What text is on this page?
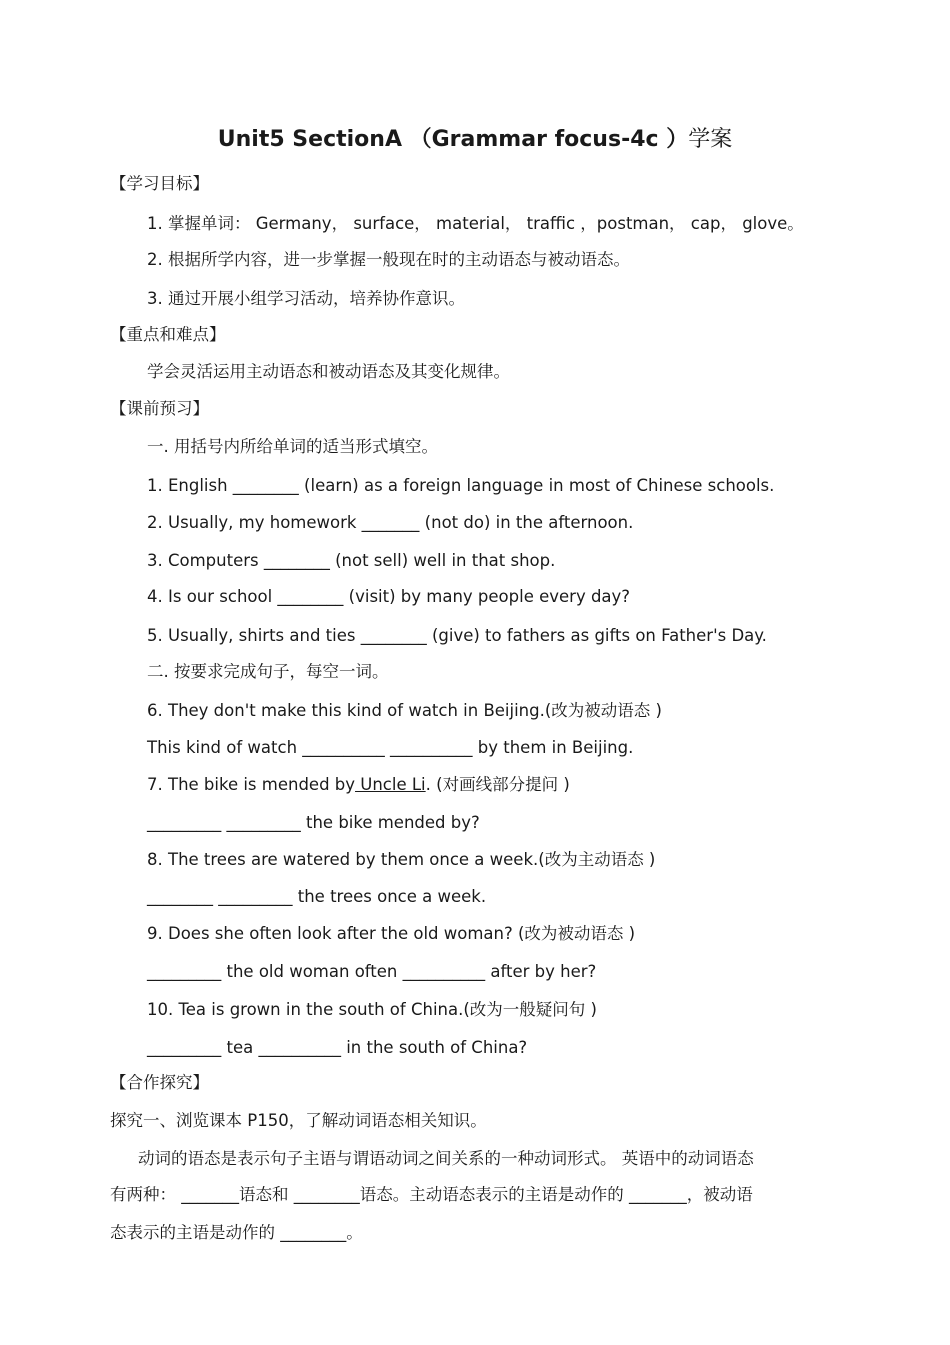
Unit5 SectionA （Grammar focus-4c ）学案
【学习目标】
1. 掌握单词： Germany， surface， material， traffic ，postman， cap， glove。
2. 根据所学内容，进一步掌握一般现在时的主动语态与被动语态。
3. 通过开展小组学习活动，培养协作意识。
【重点和难点】
学会灵活运用主动语态和被动语态及其变化规律。
【课前预习】
一. 用括号内所给单词的适当形式填空。
1. English ________ (learn) as a foreign language in most of Chinese schools.
2. Usually, my homework _______ (not do) in the afternoon.
3. Computers ________ (not sell) well in that shop.
4. Is our school ________ (visit) by many people every day?
5. Usually, shirts and ties ________ (give) to fathers as gifts on Father's Day.
二. 按要求完成句子，每空一词。
6. They don't make this kind of watch in Beijing.(改为被动语态 )
This kind of watch __________ __________ by them in Beijing.
7. The bike is mended by Uncle Li. (对画线部分提问 )
_________ _________ the bike mended by?
8. The trees are watered by them once a week.(改为主动语态 )
________ _________ the trees once a week.
9. Does she often look after the old woman? (改为被动语态 )
_________ the old woman often __________ after by her?
10. Tea is grown in the south of China.(改为一般疑问句 )
_________ tea __________ in the south of China?
【合作探究】
探究一、浏览课本 P150，了解动词语态相关知识。
动词的语态是表示句子主语与谓语动词之间关系的一种动词形式。 英语中的动词语态
有两种： _______语态和 ________语态。主动语态表示的主语是动作的 _______，被动语
态表示的主语是动作的 ________。
